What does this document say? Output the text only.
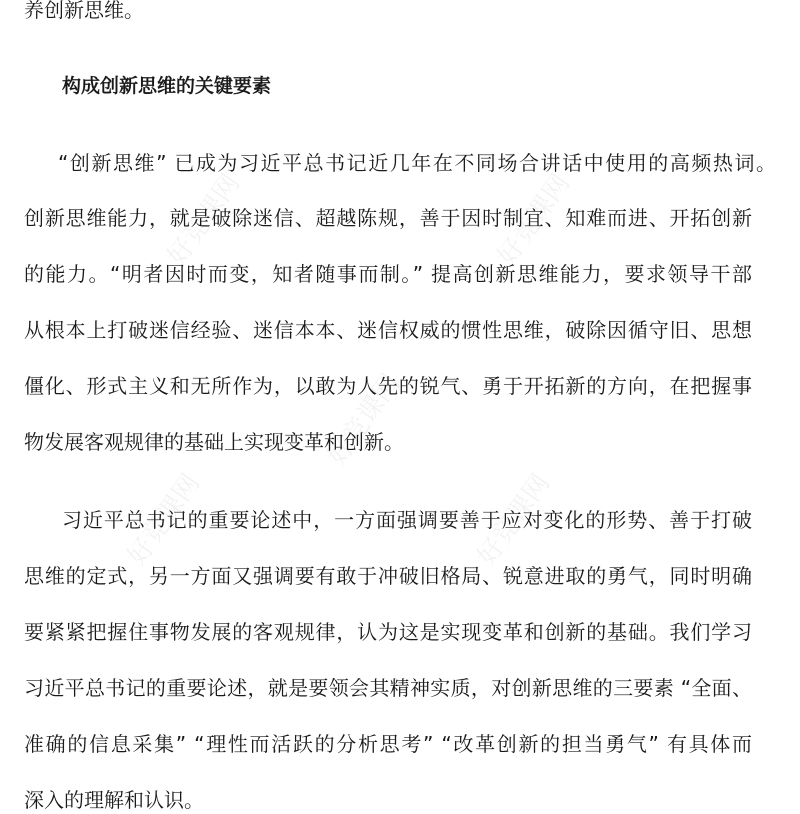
好竞课网	好竞课网
好竞课网
好竞课网	好竞课网
养创新思维。
构成创新思维的关键要素
“创新思维” 已成为习近平总书记近几年在不同场合讲话中使用的高频热词。
创新思维能力，就是破除迷信、超越陈规，善于因时制宜、知难而进、开拓创新
的能力。“明者因时而变，知者随事而制。” 提高创新思维能力，要求领导干部
从根本上打破迷信经验、迷信本本、迷信权威的惯性思维，破除因循守旧、思想
僵化、形式主义和无所作为，以敢为人先的锐气、勇于开拓新的方向，在把握事
物发展客观规律的基础上实现变革和创新。
习近平总书记的重要论述中，一方面强调要善于应对变化的形势、善于打破
思维的定式，另一方面又强调要有敢于冲破旧格局、锐意进取的勇气，同时明确
要紧紧把握住事物发展的客观规律，认为这是实现变革和创新的基础。我们学习
习近平总书记的重要论述，就是要领会其精神实质，对创新思维的三要素 “全面、
准确的信息采集” “理性而活跃的分析思考” “改革创新的担当勇气” 有具体而
深入的理解和认识。
